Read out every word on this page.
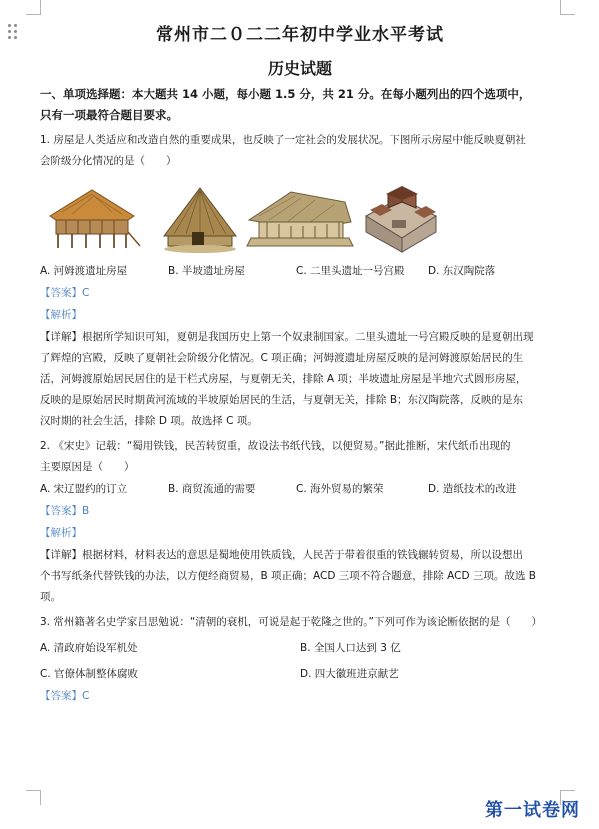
常州市二０二二年初中学业水平考试
历史试题
一、单项选择题：本大题共 14 小题，每小题 1.5 分，共 21 分。在每小题列出的四个选项中，
只有一项最符合题目要求。
1. 房屋是人类适应和改造自然的重要成果，也反映了一定社会的发展状况。下图所示房屋中能反映夏朝社
会阶级分化情况的是（　　）
A. 河姆渡遗址房屋	B. 半坡遗址房屋	C. 二里头遗址一号宫殿	D. 东汉陶院落
【答案】C
【解析】
【详解】根据所学知识可知，夏朝是我国历史上第一个奴隶制国家。二里头遗址一号宫殿反映的是夏朝出现
了辉煌的宫殿，反映了夏朝社会阶级分化情况。C 项正确；河姆渡遗址房屋反映的是河姆渡原始居民的生
活，河姆渡原始居民居住的是干栏式房屋，与夏朝无关，排除 A 项；半坡遗址房屋是半地穴式圆形房屋，
反映的是原始居民时期黄河流域的半坡原始居民的生活，与夏朝无关，排除 B；东汉陶院落，反映的是东
汉时期的社会生活，排除 D 项。故选择 C 项。
2. 《宋史》记载：“蜀用铁钱，民苦转贸重，故设法书纸代钱，以便贸易。”据此推断，宋代纸币出现的
主要原因是（　　）
A. 宋辽盟约的订立	B. 商贸流通的需要	C. 海外贸易的繁荣	D. 造纸技术的改进
【答案】B
【解析】
【详解】根据材料，材料表达的意思是蜀地使用铁质钱，人民苦于带着很重的铁钱辗转贸易，所以设想出
个书写纸条代替铁钱的办法，以方便经商贸易，B 项正确；ACD 三项不符合题意，排除 ACD 三项。故选 B
项。
3. 常州籍著名史学家吕思勉说：“清朝的衰机，可说是起于乾隆之世的。”下列可作为该论断依据的是（　　）
A. 清政府始设军机处	B. 全国人口达到 3 亿
C. 官僚体制整体腐败	D. 四大徽班进京献艺
【答案】C
第一试卷网
